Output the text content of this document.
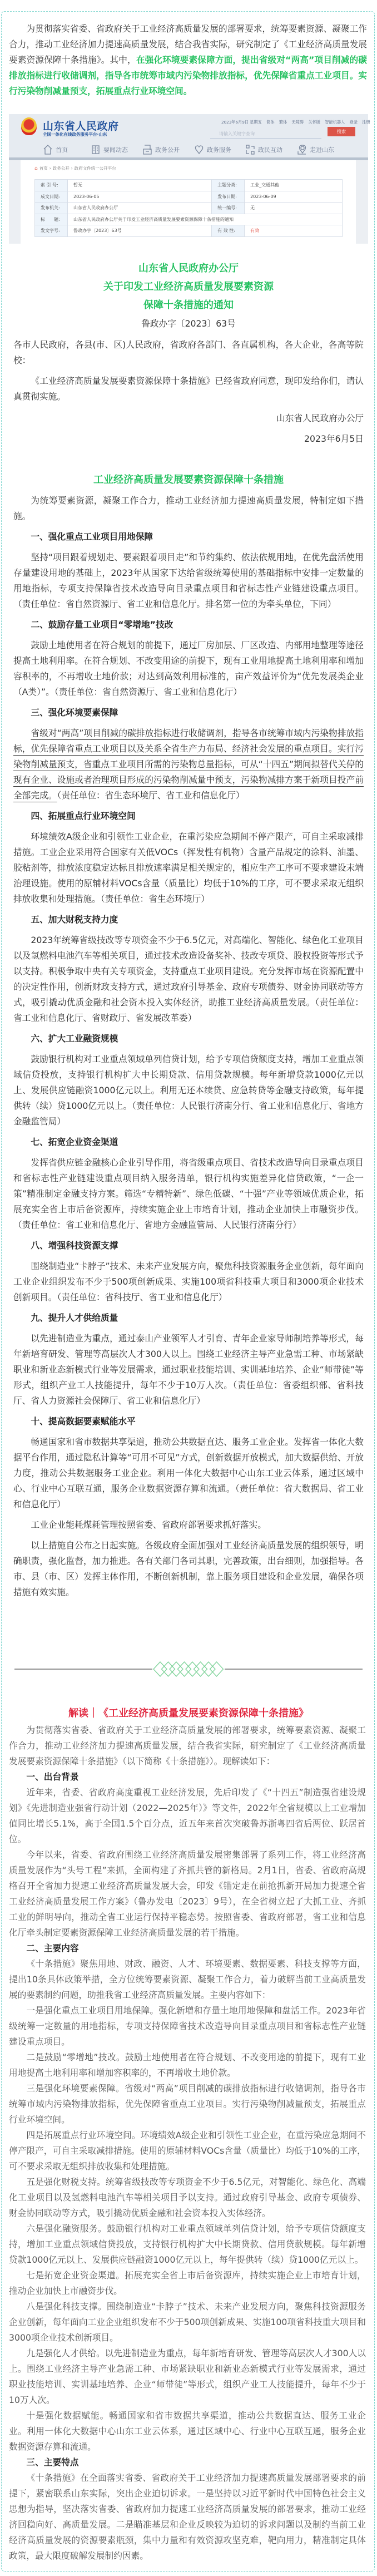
为贯彻落实省委、省政府关于工业经济高质量发展的部署要求，统筹要素资源、凝聚工作合力，推动工业经济加力提速高质量发展，结合我省实际，研究制定了《工业经济高质量发展要素资源保障十条措施》。其中，在强化环境要素保障方面，提出省级对“两高”项目削减的碳排放指标进行收储调剂，指导各市统筹市域内污染物排放指标，优先保障省重点工业项目。实行污染物削减量预支，拓展重点行业环境空间。

山东省人民政府
全国一体化在线政务服务平台·山东
2023年6月9日 星期五 简体 繁体 无障碍 关怀版 智能机器人 登录 注册
请输入关键字查询
搜索
首页	要闻动态	政务公开	政务服务	政民互动	走进山东
⌂ 首页 › 政务公开 › 政府文件统一公开平台
索 引 号:	暂无	主题分类:	工业_交通其他
成文日期:	2023-06-05	发布日期:	2023-06-09
发布机关:	山东省人民政府办公厅	统一编号:	无
标　　题:	山东省人民政府办公厅关于印发工业经济高质量发展要素资源保障十条措施的通知		
发文字号:	鲁政办字〔2023〕63号	有 效 性:	有效
山东省人民政府办公厅
关于印发工业经济高质量发展要素资源
保障十条措施的通知
鲁政办字〔2023〕63号

各市人民政府，各县(市、区)人民政府，省政府各部门、各直属机构，各大企业，各高等院校：

《工业经济高质量发展要素资源保障十条措施》已经省政府同意，现印发给你们，请认真贯彻实施。

山东省人民政府办公厅

2023年6月5日

工业经济高质量发展要素资源保障十条措施

为统筹要素资源，凝聚工作合力，推动工业经济加力提速高质量发展，特制定如下措施。

一、强化重点工业项目用地保障

坚持“项目跟着规划走、要素跟着项目走”和节约集约、依法依规用地，在优先盘活使用存量建设用地的基础上，2023年从国家下达给省级统筹使用的基础指标中安排一定数量的用地指标，专项支持保障省技术改造导向目录重点项目和省标志性产业链建设重点项目。（责任单位：省自然资源厅、省工业和信息化厅。排名第一位的为牵头单位，下同）

二、鼓励存量工业项目“零增地”技改

鼓励土地使用者在符合规划的前提下，通过厂房加层、厂区改造、内部用地整理等途径提高土地利用率。在符合规划、不改变用途的前提下，现有工业用地提高土地利用率和增加容积率的，不再增收土地价款；对达到高效利用标准的，亩产效益评价为“优先发展类企业（A类）”。（责任单位：省自然资源厅、省工业和信息化厅）

三、强化环境要素保障

省级对“两高”项目削减的碳排放指标进行收储调剂，指导各市统筹市域内污染物排放指标，优先保障省重点工业项目以及关系全省生产力布局、经济社会发展的重点项目。实行污染物削减量预支，省重点工业项目所需的污染物总量指标，可从“十四五”期间拟替代关停的现有企业、设施或者治理项目形成的污染物削减量中预支，污染物减排方案于新项目投产前全部完成。（责任单位：省生态环境厅、省工业和信息化厅）

四、拓展重点行业环境空间

环境绩效A级企业和引领性工业企业，在重污染应急期间不停产限产，可自主采取减排措施。工业企业采用符合国家有关低VOCs（挥发性有机物）含量产品规定的涂料、油墨、胶粘剂等，排放浓度稳定达标且排放速率满足相关规定的，相应生产工序可不要求建设末端治理设施。使用的原辅材料VOCs含量（质量比）均低于10%的工序，可不要求采取无组织排放收集和处理措施。（责任单位：省生态环境厅）

五、加大财税支持力度

2023年统筹省级技改等专项资金不少于6.5亿元，对高端化、智能化、绿色化工业项目以及氢燃料电池汽车等相关项目，通过技术改造设备奖补、技改专项贷、股权投资等形式予以支持。积极争取中央有关专项资金，支持重点工业项目建设。充分发挥市场在资源配置中的决定性作用，创新财政支持方式，通过政府引导基金、政府专项债券、财金协同联动等方式，吸引撬动优质金融和社会资本投入实体经济，助推工业经济高质量发展。（责任单位：省工业和信息化厅、省财政厅、省发展改革委）

六、扩大工业融资规模

鼓励银行机构对工业重点领域单列信贷计划，给予专项信贷额度支持，增加工业重点领域信贷投放，支持银行机构扩大中长期贷款、信用贷款规模。每年新增贷款1000亿元以上、发展供应链融资1000亿元以上。利用无还本续贷、应急转贷等金融支持政策，每年提供转（续）贷1000亿元以上。（责任单位：人民银行济南分行、省工业和信息化厅、省地方金融监管局）

七、拓宽企业资金渠道

发挥省供应链金融核心企业引导作用，将省级重点项目、省技术改造导向目录重点项目和省标志性产业链建设重点项目纳入服务清单，银行机构实施差异化信贷政策，“一企一策”精准制定金融支持方案。筛选“专精特新”、绿色低碳、“十强”产业等领域优质企业，拓展充实全省上市后备资源库，持续实施企业上市培育计划，推动企业加快上市融资步伐。（责任单位：省工业和信息化厅、省地方金融监管局、人民银行济南分行）

八、增强科技资源支撑

围绕制造业“卡脖子”技术、未来产业发展方向，聚焦科技资源服务企业创新，每年面向工业企业组织发布不少于500项创新成果、实施100项省科技重大项目和3000项企业技术创新项目。（责任单位：省科技厅、省工业和信息化厅）

九、提升人才供给质量

以先进制造业为重点，通过泰山产业领军人才引育、青年企业家导师制培养等形式，每年新培育研发、管理等高层次人才300人以上。围绕工业经济主导产业急需工种、市场紧缺职业和新业态新模式行业等发展需求，通过职业技能培训、实训基地培养、企业“师带徒”等形式，组织产业工人技能提升，每年不少于10万人次。（责任单位：省委组织部、省科技厅、省人力资源社会保障厅、省工业和信息化厅）

十、提高数据要素赋能水平

畅通国家和省市数据共享渠道，推动公共数据直达、服务工业企业。发挥省一体化大数据平台作用，通过隐私计算等“可用不可见”方式，创新数据开放模式，加大数据供给、开放力度，推动公共数据服务工业企业。利用一体化大数据中心山东工业云体系，通过区域中心、行业中心互联互通，服务企业数据资源存算和流通。（责任单位：省大数据局、省工业和信息化厅）

工业企业能耗煤耗管理按照省委、省政府部署要求抓好落实。

以上措施自公布之日起实施。各级政府全面加强对工业经济高质量发展的组织领导，明确职责，强化监督，加力推进。各有关部门各司其职，完善政策，出台细则，加强指导。各市、县（市、区）发挥主体作用，不断创新机制，靠上服务项目建设和企业发展，确保各项措施有效实施。

解读｜《工业经济高质量发展要素资源保障十条措施》

为贯彻落实省委、省政府关于工业经济高质量发展的部署要求，统筹要素资源、凝聚工作合力，推动工业经济加力提速高质量发展，结合我省实际，研究制定了《工业经济高质量发展要素资源保障十条措施》（以下简称《十条措施》）。现解读如下：

一、出台背景

近年来，省委、省政府高度重视工业经济发展，先后印发了《“十四五”制造强省建设规划》《先进制造业强省行动计划（2022—2025年）》等文件，2022年全省规模以上工业增加值同比增长5.1%，高于全国1.5个百分点，近五年来首次突破鲁苏浙粤四省后两位、跃居首位。

今年以来，省委、省政府围绕工业经济高质量发展密集部署了系列工作，将工业经济高质量发展作为“头号工程”来抓，全面构建了齐抓共管的新格局。2月1日，省委、省政府高规格召开全省加力提速工业经济高质量发展大会，印发《锚定走在前抢抓新开局加力提速全省工业经济高质量发展工作方案》（鲁办发电〔2023〕9号），在全省树立起了大抓工业、齐抓工业的鲜明导向，推动全省工业运行保持平稳态势。按照省委、省政府部署，省工业和信息化厅牵头制定要素资源保障工业经济高质量发展的若干措施。

二、主要内容

《十条措施》聚焦用地、财政、融资、人才、环境要素、数据要素、科技支撑等方面，提出10条具体政策举措，全方位统筹要素资源、凝聚工作合力，着力破解当前工业高质量发展的要素制约问题，助推我省工业经济高质量发展。主要内容如下：

一是强化重点工业项目用地保障。强化新增和存量土地用地保障和盘活工作。2023年省级统筹一定数量的用地指标，专项支持保障省技术改造导向目录重点项目和省标志性产业链建设重点项目。

二是鼓励“零增地”技改。鼓励土地使用者在符合规划、不改变用途的前提下，现有工业用地提高土地利用率和增加容积率的，不再增收土地价款。

三是强化环境要素保障。省级对“两高”项目削减的碳排放指标进行收储调剂，指导各市统筹市域内污染物排放指标，优先保障省重点工业项目。实行污染物削减量预支，拓展重点行业环境空间。

四是拓展重点行业环境空间。环境绩效A级企业和引领性工业企业，在重污染应急期间不停产限产，可自主采取减排措施。使用的原辅材料VOCs含量（质量比）均低于10%的工序，可不要求采取无组织排放收集和处理措施。

五是强化财税支持。统筹省级技改等专项资金不少于6.5亿元，对智能化、绿色化、高端化工业项目以及氢燃料电池汽车等相关项目予以支持。通过政府引导基金、政府专项债券、财金协同联动等方式，吸引撬动优质金融和社会资本投入实体经济。

六是强化融资服务。鼓励银行机构对工业重点领域单列信贷计划，给予专项信贷额度支持，增加工业重点领域信贷投放，支持银行机构扩大中长期贷款、信用贷款规模。每年新增贷款1000亿元以上、发展供应链融资1000亿元以上，每年提供转（续）贷1000亿元以上。

七是拓宽企业资金渠道。拓展充实全省上市后备资源库，持续实施企业上市培育计划，推动企业加快上市融资步伐。

八是强化科技支撑。围绕制造业“卡脖子”技术、未来产业发展方向，聚焦科技资源服务企业创新，每年面向工业企业组织发布不少于500项创新成果、实施100项省科技重大项目和3000项企业技术创新项目。

九是强化人才供给。以先进制造业为重点，每年新培育研发、管理等高层次人才300人以上。围绕工业经济主导产业急需工种、市场紧缺职业和新业态新模式行业等发展需求，通过职业技能培训、实训基地培养、企业“师带徒”等形式，组织产业工人技能提升，每年不少于10万人次。

十是强化数据赋能。畅通国家和省市数据共享渠道，推动公共数据直达、服务工业企业。利用一体化大数据中心山东工业云体系，通过区域中心、行业中心互联互通，服务企业数据资源存算和流通。

三、主要特点

《十条措施》在全面落实省委、省政府关于工业经济加力提速高质量发展部署要求的前提下，紧密联系山东实际，突出企业迫切诉求。一是坚持以习近平新时代中国特色社会主义思想为指导，坚决落实省委、省政府加力提速工业经济高质量发展的部署要求，推动工业经济回稳向好、高质量发展。二是瞄准基层和企业反映较为迫切的诉求问题以及制约当前工业经济高质量发展的资源要素瓶颈，集中力量和有效资源攻坚克难，靶向用力，精准制定具体政策，最大限度破解发展制约因素。
